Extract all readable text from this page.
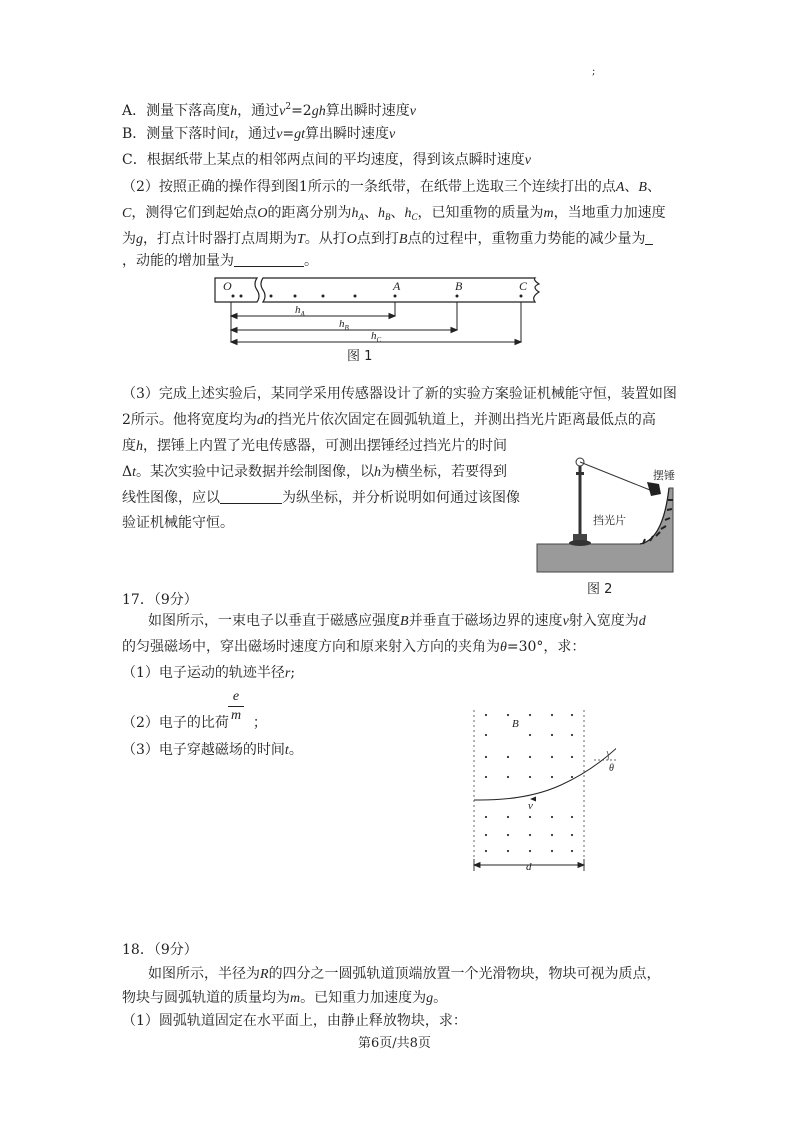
;
A．测量下落高度h，通过$v^2=2gh$算出瞬时速度v
B．测量下落时间t，通过v=gt算出瞬时速度v
C．根据纸带上某点的相邻两点间的平均速度，得到该点瞬时速度v
（2）按照正确的操作得到图1所示的一条纸带，在纸带上选取三个连续打出的点A、B、
C，测得它们到起始点O的距离分别为$h_A$、$h_B$、$h_C$，已知重物的质量为m，当地重力加速度
为g，打点计时器打点周期为T。从打O点到打B点的过程中，重物重力势能的减少量为
，动能的增加量为	。
O	A	B	C
$h_A$
$h_B$
$h_C$
图 1
（3）完成上述实验后，某同学采用传感器设计了新的实验方案验证机械能守恒，装置如图
2所示。他将宽度均为d的挡光片依次固定在圆弧轨道上，并测出挡光片距离最低点的高
度h，摆锤上内置了光电传感器，可测出摆锤经过挡光片的时间
Δt。某次实验中记录数据并绘制图像，以h为横坐标，若要得到
线性图像，应以	为纵坐标，并分析说明如何通过该图像
验证机械能守恒。
摆锤
挡光片
图 2
17．（9分）
如图所示，一束电子以垂直于磁感应强度B并垂直于磁场边界的速度v射入宽度为d
的匀强磁场中，穿出磁场时速度方向和原来射入方向的夹角为θ=30°，求：
（1）电子运动的轨迹半径r;
e
m
（2）电子的比荷 ；
（3）电子穿越磁场的时间t。
B
v
θ
d
18．（9分）
如图所示，半径为R的四分之一圆弧轨道顶端放置一个光滑物块，物块可视为质点，
物块与圆弧轨道的质量均为m。已知重力加速度为g。
（1）圆弧轨道固定在水平面上，由静止释放物块，求：
第6页/共8页
